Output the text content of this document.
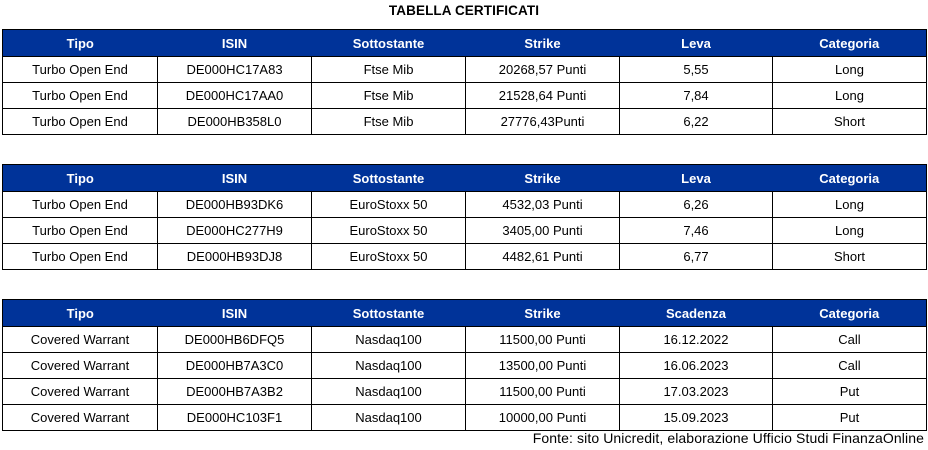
TABELLA CERTIFICATI
Tipo	ISIN	Sottostante	Strike	Leva	Categoria
Turbo Open End	DE000HC17A83	Ftse Mib	20268,57 Punti	5,55	Long
Turbo Open End	DE000HC17AA0	Ftse Mib	21528,64 Punti	7,84	Long
Turbo Open End	DE000HB358L0	Ftse Mib	27776,43Punti	6,22	Short
Tipo	ISIN	Sottostante	Strike	Leva	Categoria
Turbo Open End	DE000HB93DK6	EuroStoxx 50	4532,03 Punti	6,26	Long
Turbo Open End	DE000HC277H9	EuroStoxx 50	3405,00 Punti	7,46	Long
Turbo Open End	DE000HB93DJ8	EuroStoxx 50	4482,61 Punti	6,77	Short
Tipo	ISIN	Sottostante	Strike	Scadenza	Categoria
Covered Warrant	DE000HB6DFQ5	Nasdaq100	11500,00 Punti	16.12.2022	Call
Covered Warrant	DE000HB7A3C0	Nasdaq100	13500,00 Punti	16.06.2023	Call
Covered Warrant	DE000HB7A3B2	Nasdaq100	11500,00 Punti	17.03.2023	Put
Covered Warrant	DE000HC103F1	Nasdaq100	10000,00 Punti	15.09.2023	Put
Fonte: sito Unicredit, elaborazione Ufficio Studi FinanzaOnline
